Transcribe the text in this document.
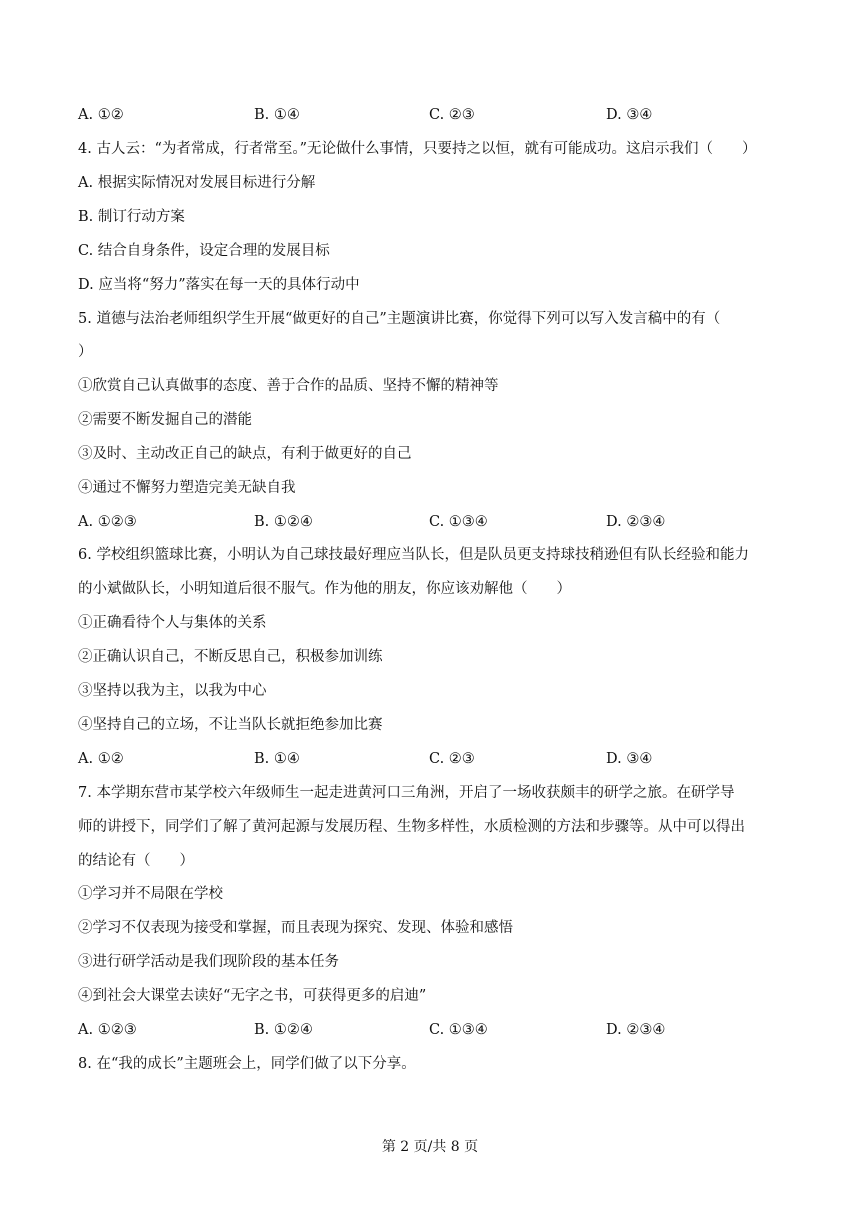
A. ①②	B. ①④	C. ②③	D. ③④
4. 古人云：“为者常成，行者常至。”无论做什么事情，只要持之以恒，就有可能成功。这启示我们（　　）
A. 根据实际情况对发展目标进行分解
B. 制订行动方案
C. 结合自身条件，设定合理的发展目标
D. 应当将“努力”落实在每一天的具体行动中
5. 道德与法治老师组织学生开展“做更好的自己”主题演讲比赛，你觉得下列可以写入发言稿中的有（
）
①欣赏自己认真做事的态度、善于合作的品质、坚持不懈的精神等
②需要不断发掘自己的潜能
③及时、主动改正自己的缺点，有利于做更好的自己
④通过不懈努力塑造完美无缺自我
A. ①②③	B. ①②④	C. ①③④	D. ②③④
6. 学校组织篮球比赛，小明认为自己球技最好理应当队长，但是队员更支持球技稍逊但有队长经验和能力
的小斌做队长，小明知道后很不服气。作为他的朋友，你应该劝解他（　　）
①正确看待个人与集体的关系
②正确认识自己，不断反思自己，积极参加训练
③坚持以我为主，以我为中心
④坚持自己的立场，不让当队长就拒绝参加比赛
A. ①②	B. ①④	C. ②③	D. ③④
7. 本学期东营市某学校六年级师生一起走进黄河口三角洲，开启了一场收获颇丰的研学之旅。在研学导
师的讲授下，同学们了解了黄河起源与发展历程、生物多样性，水质检测的方法和步骤等。从中可以得出
的结论有（　　）
①学习并不局限在学校
②学习不仅表现为接受和掌握，而且表现为探究、发现、体验和感悟
③进行研学活动是我们现阶段的基本任务
④到社会大课堂去读好“无字之书，可获得更多的启迪”
A. ①②③	B. ①②④	C. ①③④	D. ②③④
8. 在“我的成长”主题班会上，同学们做了以下分享。
第 2 页/共 8 页
